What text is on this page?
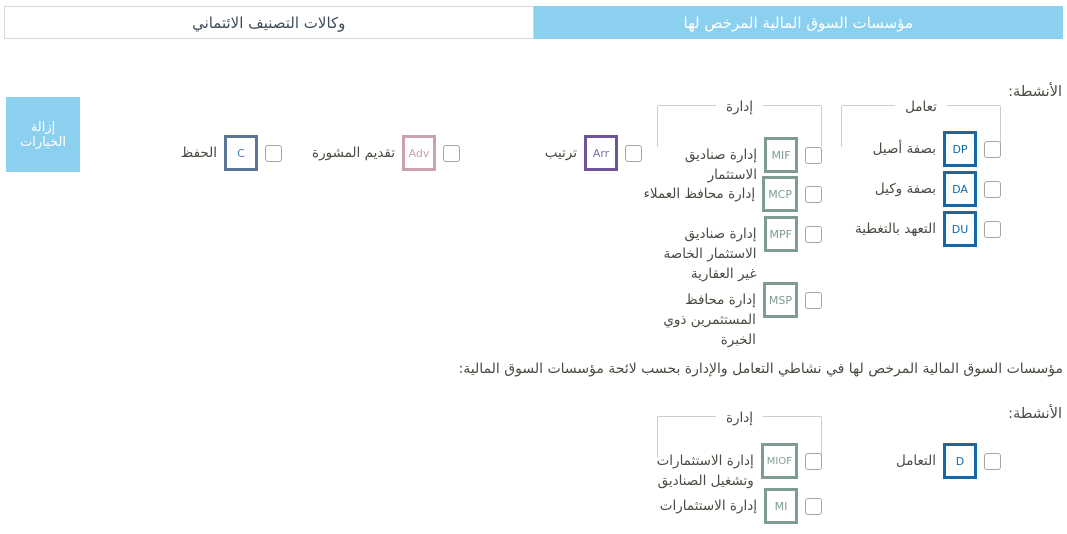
مؤسسات السوق المالية المرخص لها
وكالات التصنيف الائتماني
الأنشطة:
تعامل
DP
بصفة أصيل
DA
بصفة وكيل
DU
التعهد بالتغطية
إدارة
MIF
إدارة صناديق الاستثمار
MCP
إدارة محافظ العملاء
MPF
إدارة صناديق الاستثمار الخاصة غير العقارية
MSP
إدارة محافظ المستثمرين ذوي الخبرة
Arr
ترتيب
Adv
تقديم المشورة
C
الحفظ
إزالة الخيارات
مؤسسات السوق المالية المرخص لها في نشاطي التعامل والإدارة بحسب لائحة مؤسسات السوق المالية:
الأنشطة:
D
التعامل
إدارة
MIOF
إدارة الاستثمارات وتشغيل الصناديق
MI
إدارة الاستثمارات
